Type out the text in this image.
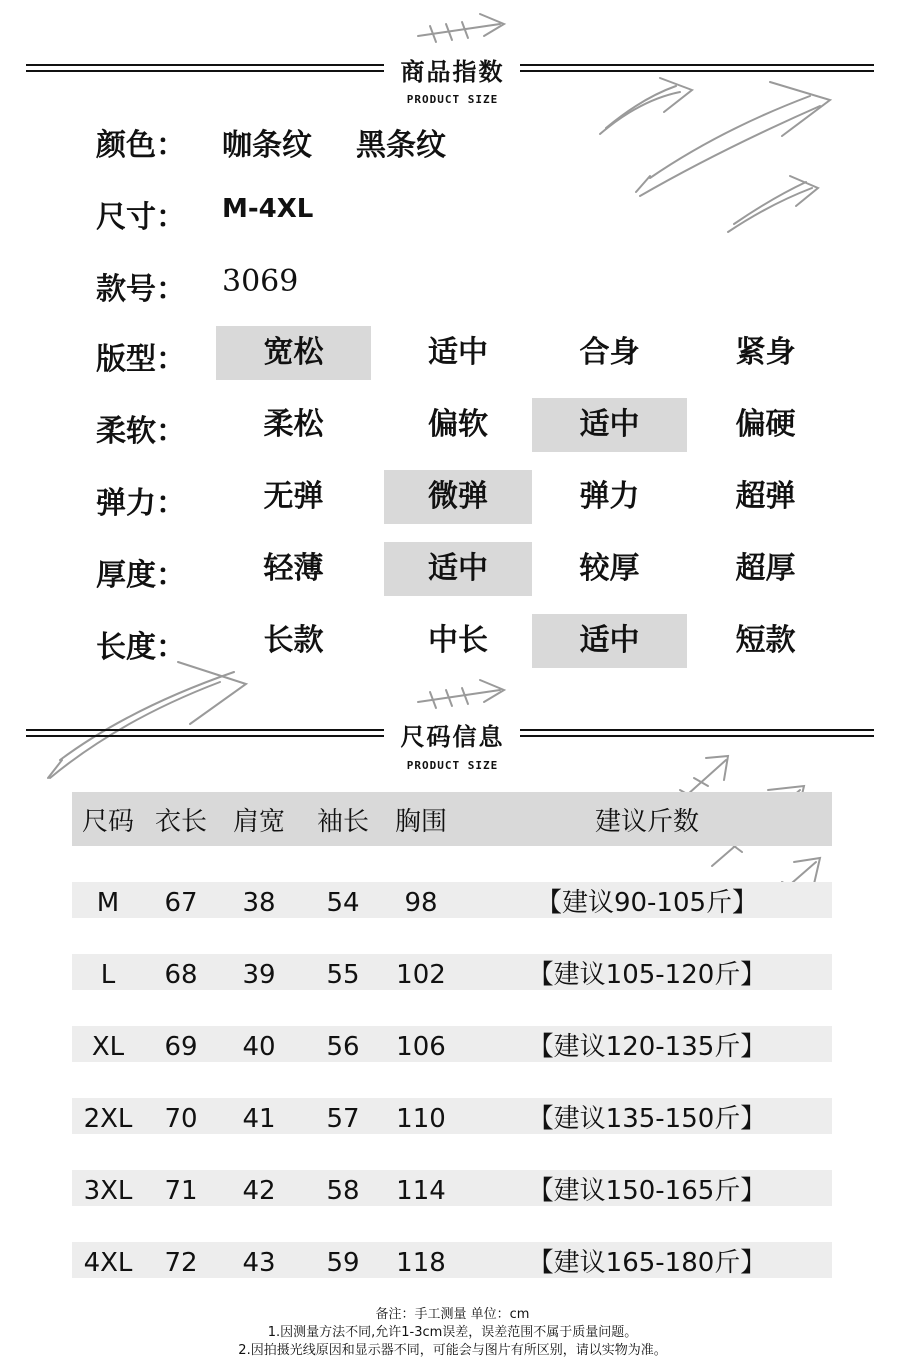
商品指数
PRODUCT SIZE
颜色： 咖条纹 黑条纹
尺寸： M-4XL
款号： 3069
版型：	宽松	适中	合身	紧身
柔软：	柔松	偏软	适中	偏硬
弹力：	无弹	微弹	弹力	超弹
厚度：	轻薄	适中	较厚	超厚
长度：	长款	中长	适中	短款
尺码信息
PRODUCT SIZE
尺码 衣长 肩宽	袖长 胸围	建议斤数
M	67	38	54	98	【建议90-105斤】
L	68	39	55	102	【建议105-120斤】
XL	69	40	56	106	【建议120-135斤】
2XL	70	41	57	110	【建议135-150斤】
3XL	71	42	58	114	【建议150-165斤】
4XL	72	43	59	118	【建议165-180斤】
备注：手工测量 单位：cm
1.因测量方法不同,允许1-3cm误差，误差范围不属于质量问题。
2.因拍摄光线原因和显示器不同，可能会与图片有所区别，请以实物为准。
